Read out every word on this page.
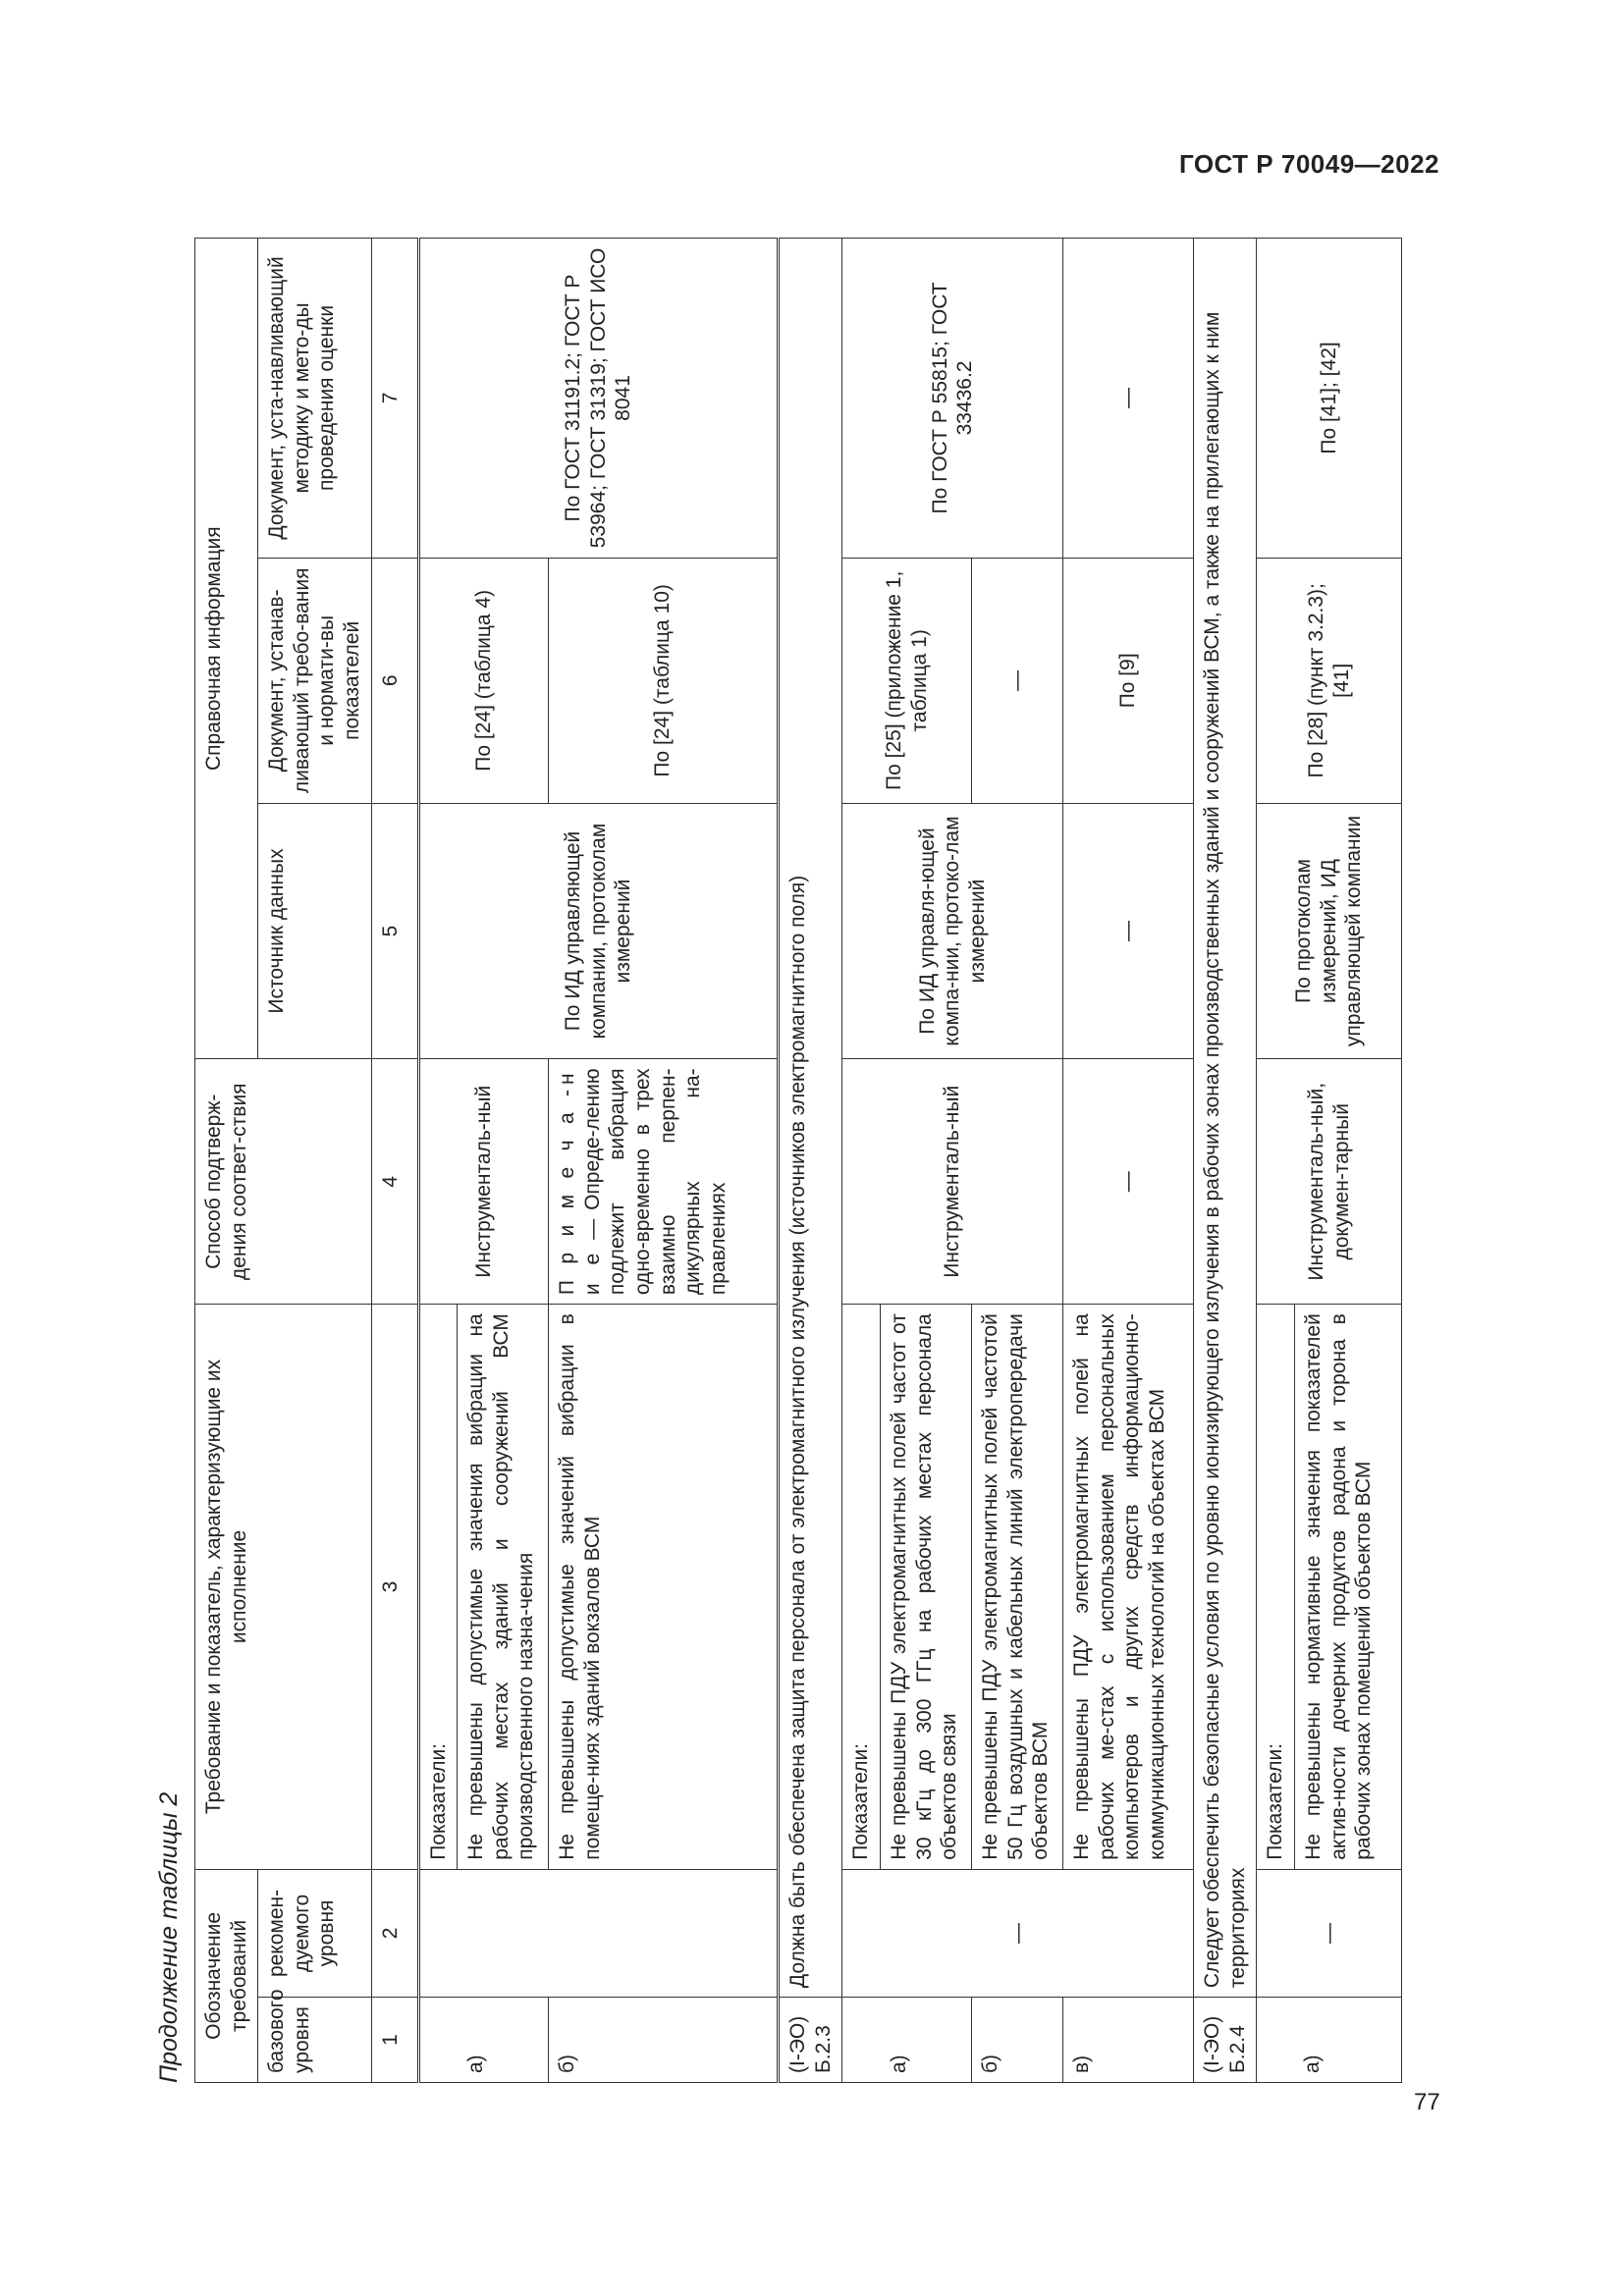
ГОСТ Р 70049—2022
77
Продолжение таблицы 2 Обозначение требований		Требование и показатель, характеризующие их исполнение	Способ подтверж-дения соответ-ствия	Справочная информация		
базового уровня	рекомен-дуемого уровня			Источник данных	Документ, устанав-ливающий требо-вания и нормати-вы показателей	Документ, уста-навливающий методику и мето-ды проведения оценки
1	2	3	4	5	6	7
		Показатели:	Инструменталь-ный	По ИД управляющей компании, протоколам измерений	По [24] (таблица 4)	По ГОСТ 31191.2; ГОСТ Р 53964; ГОСТ 31319; ГОСТ ИСО 8041
а)		Не превышены допустимые значения вибрации на рабочих местах зданий и сооружений ВСМ производственного назна-чения				
б)		Не превышены допустимые значений вибрации в помеще-ниях зданий вокзалов ВСМ	П р и м е ч а -н и е — Опреде-лению подлежит вибрация одно-временно в трех взаимно перпен-дикулярных на-правлениях		По [24] (таблица 10)	
(I-ЭО) Б.2.3	Должна быть обеспечена защита персонала от электромагнитного излучения (источников электромагнитного поля)					
	—	Показатели:	Инструменталь-ный	По ИД управля-ющей компа-нии, протоко-лам измерений	По [25] (приложение 1, таблица 1)	По ГОСТ Р 55815; ГОСТ 33436.2
а)		Не превышены ПДУ электромагнитных полей частот от 30 кГц до 300 ГГц на рабочих местах персонала объектов связи				
б)		Не превышены ПДУ электромагнитных полей частотой 50 Гц воздушных и кабельных линий электропередачи объектов ВСМ			—	
в)		Не превышены ПДУ электромагнитных полей на рабочих ме-стах с использованием персональных компьютеров и других средств информационно-коммуникационных технологий на объектах ВСМ	—	—	По [9]	—
(I-ЭО) Б.2.4	Следует обеспечить безопасные условия по уровню ионизирующего излучения в рабочих зонах производственных зданий и сооружений ВСМ, а также на прилегающих к ним территориях					
	—	Показатели:	Инструменталь-ный, докумен-тарный	По протоколам измерений, ИД управляющей компании	По [28] (пункт 3.2.3); [41]	По [41]; [42]
а)		Не превышены нормативные значения показателей актив-ности дочерних продуктов радона и торона в рабочих зонах помещений объектов ВСМ				
